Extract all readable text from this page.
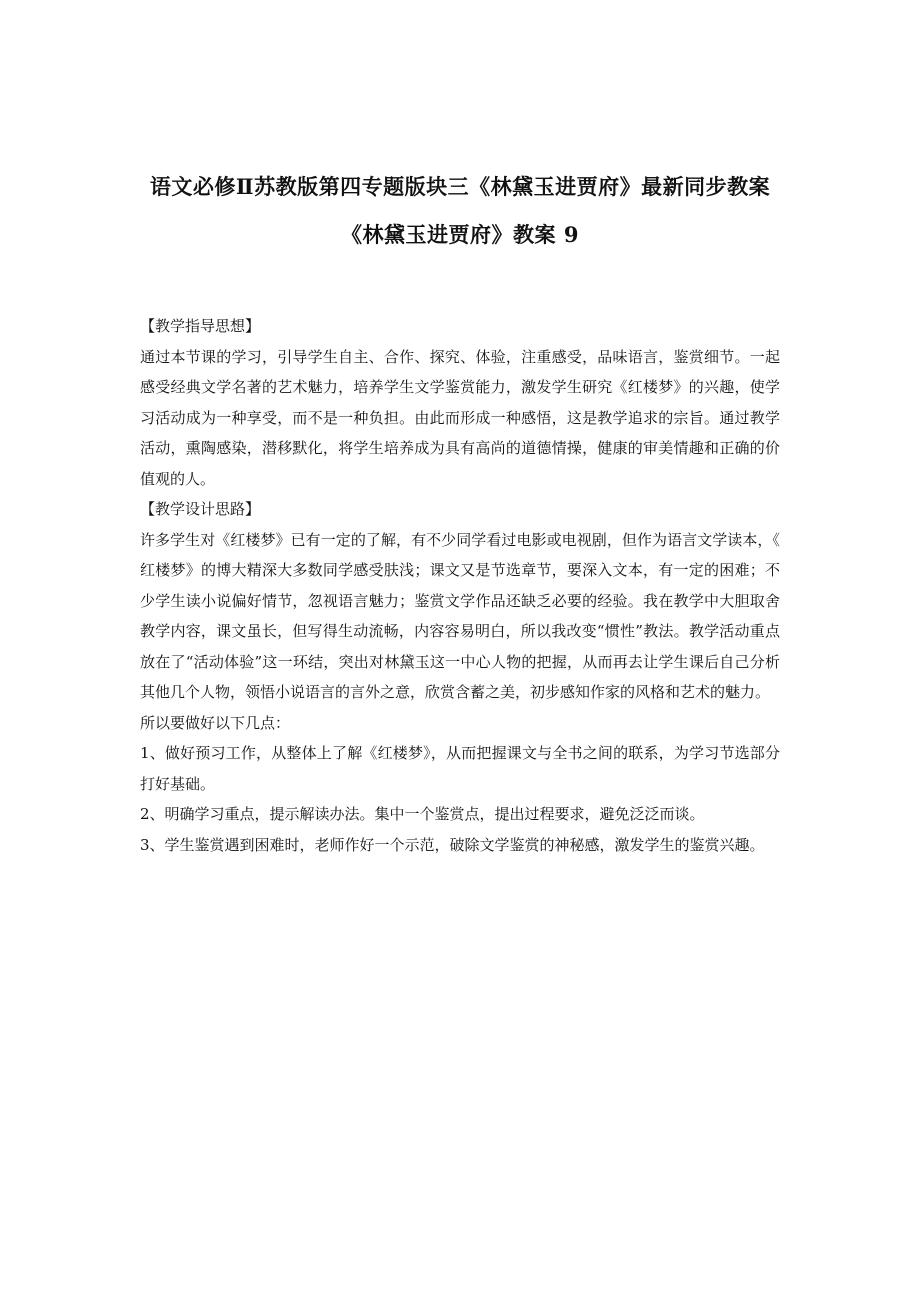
语文必修Ⅱ苏教版第四专题版块三《林黛玉进贾府》最新同步教案
《林黛玉进贾府》教案 9

【教学指导思想】

通过本节课的学习，引导学生自主、合作、探究、体验，注重感受，品味语言，鉴赏细节。一起感受经典文学名著的艺术魅力，培养学生文学鉴赏能力，激发学生研究《红楼梦》的兴趣，使学习活动成为一种享受，而不是一种负担。由此而形成一种感悟，这是教学追求的宗旨。通过教学活动，熏陶感染，潜移默化，将学生培养成为具有高尚的道德情操，健康的审美情趣和正确的价值观的人。

【教学设计思路】

许多学生对《红楼梦》已有一定的了解，有不少同学看过电影或电视剧，但作为语言文学读本，《红楼梦》的博大精深大多数同学感受肤浅；课文又是节选章节，要深入文本，有一定的困难；不少学生读小说偏好情节，忽视语言魅力；鉴赏文学作品还缺乏必要的经验。我在教学中大胆取舍教学内容，课文虽长，但写得生动流畅，内容容易明白，所以我改变“惯性”教法。教学活动重点放在了“活动体验”这一环结，突出对林黛玉这一中心人物的把握，从而再去让学生课后自己分析其他几个人物，领悟小说语言的言外之意，欣赏含蓄之美，初步感知作家的风格和艺术的魅力。

所以要做好以下几点：

1、做好预习工作，从整体上了解《红楼梦》，从而把握课文与全书之间的联系，为学习节选部分打好基础。

2、明确学习重点，提示解读办法。集中一个鉴赏点，提出过程要求，避免泛泛而谈。

3、学生鉴赏遇到困难时，老师作好一个示范，破除文学鉴赏的神秘感，激发学生的鉴赏兴趣。
